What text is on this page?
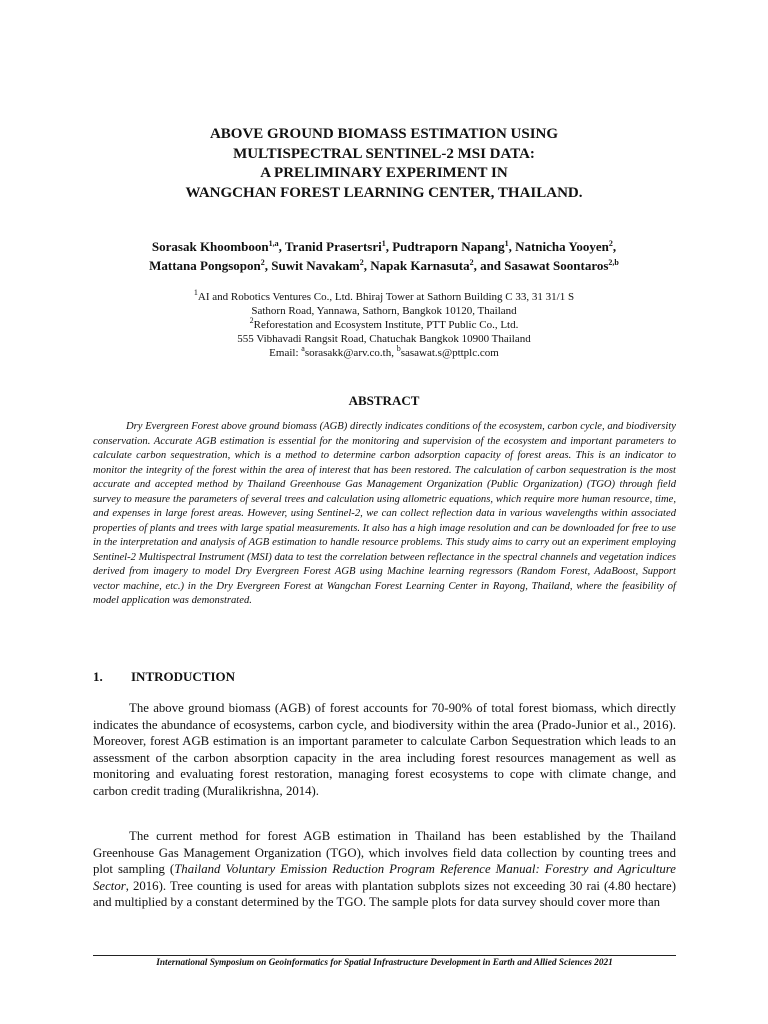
ABOVE GROUND BIOMASS ESTIMATION USING
MULTISPECTRAL SENTINEL-2 MSI DATA:
A PRELIMINARY EXPERIMENT IN
WANGCHAN FOREST LEARNING CENTER, THAILAND.
Sorasak Khoomboon$^{1,a}$, Tranid Prasertsri$^1$, Pudtraporn Napang$^1$, Natnicha Yooyen$^2$,
Mattana Pongsopon$^2$, Suwit Navakam$^2$, Napak Karnasuta$^2$, and Sasawat Soontaros$^{2,b}$
$^1$AI and Robotics Ventures Co., Ltd. Bhiraj Tower at Sathorn Building C 33, 31 31/1 S
Sathorn Road, Yannawa, Sathorn, Bangkok 10120, Thailand
$^2$Reforestation and Ecosystem Institute, PTT Public Co., Ltd.
555 Vibhavadi Rangsit Road, Chatuchak Bangkok 10900 Thailand
Email: $^a$sorasakk@arv.co.th, $^b$sasawat.s@pttplc.com
ABSTRACT
Dry Evergreen Forest above ground biomass (AGB) directly indicates conditions of the ecosystem, carbon cycle, and biodiversity conservation. Accurate AGB estimation is essential for the monitoring and supervision of the ecosystem and important parameters to calculate carbon sequestration, which is a method to determine carbon adsorption capacity of forest areas. This is an indicator to monitor the integrity of the forest within the area of interest that has been restored. The calculation of carbon sequestration is the most accurate and accepted method by Thailand Greenhouse Gas Management Organization (Public Organization) (TGO) through field survey to measure the parameters of several trees and calculation using allometric equations, which require more human resource, time, and expenses in large forest areas. However, using Sentinel-2, we can collect reflection data in various wavelengths within associated properties of plants and trees with large spatial measurements. It also has a high image resolution and can be downloaded for free to use in the interpretation and analysis of AGB estimation to handle resource problems. This study aims to carry out an experiment employing Sentinel-2 Multispectral Instrument (MSI) data to test the correlation between reflectance in the spectral channels and vegetation indices derived from imagery to model Dry Evergreen Forest AGB using Machine learning regressors (Random Forest, AdaBoost, Support vector machine, etc.) in the Dry Evergreen Forest at Wangchan Forest Learning Center in Rayong, Thailand, where the feasibility of model application was demonstrated.
1. INTRODUCTION
The above ground biomass (AGB) of forest accounts for 70-90% of total forest biomass, which directly indicates the abundance of ecosystems, carbon cycle, and biodiversity within the area (Prado-Junior et al., 2016). Moreover, forest AGB estimation is an important parameter to calculate Carbon Sequestration which leads to an assessment of the carbon absorption capacity in the area including forest resources management as well as monitoring and evaluating forest restoration, managing forest ecosystems to cope with climate change, and carbon credit trading (Muralikrishna, 2014).
The current method for forest AGB estimation in Thailand has been established by the Thailand Greenhouse Gas Management Organization (TGO), which involves field data collection by counting trees and plot sampling (Thailand Voluntary Emission Reduction Program Reference Manual: Forestry and Agriculture Sector, 2016). Tree counting is used for areas with plantation subplots sizes not exceeding 30 rai (4.80 hectare) and multiplied by a constant determined by the TGO. The sample plots for data survey should cover more than
International Symposium on Geoinformatics for Spatial Infrastructure Development in Earth and Allied Sciences 2021
